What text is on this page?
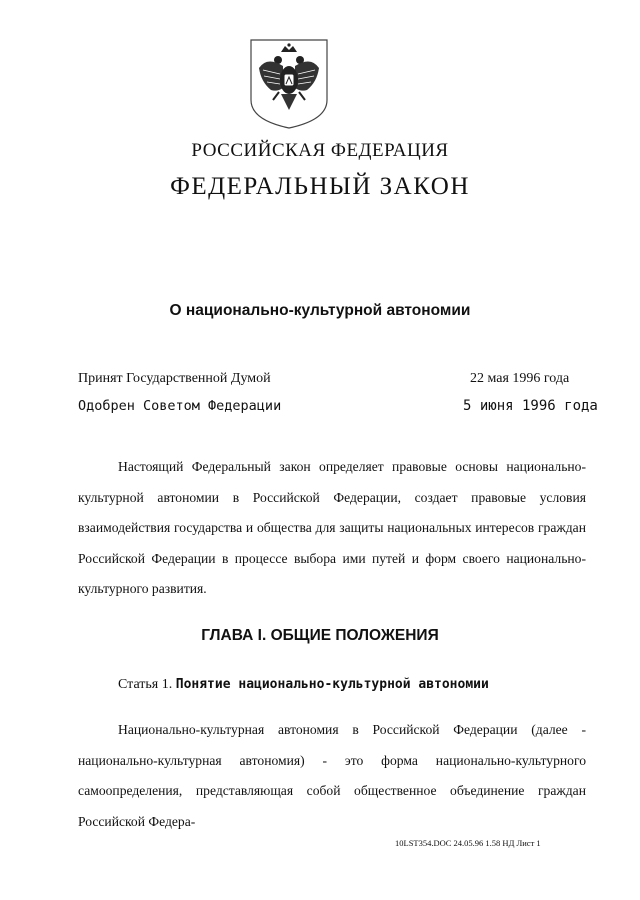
РОССИЙСКАЯ ФЕДЕРАЦИЯ
ФЕДЕРАЛЬНЫЙ ЗАКОН
О национально-культурной автономии
Принят Государственной Думой	22 мая 1996 года
Одобрен Советом Федерации	5 июня 1996 года

Настоящий Федеральный закон определяет правовые основы национально-культурной автономии в Российской Федерации, создает правовые условия взаимодействия государства и общества для защиты национальных интересов граждан Российской Федерации в процессе выбора ими путей и форм своего национально-культурного развития.

ГЛАВА I. ОБЩИЕ ПОЛОЖЕНИЯ
Статья 1. Понятие национально-культурной автономии

Национально-культурная автономия в Российской Федерации (далее - национально-культурная автономия) - это форма национально-культурного самоопределения, представляющая собой общественное объединение граждан Российской Федера-

10LST354.DOC 24.05.96 1.58 НД Лист 1
